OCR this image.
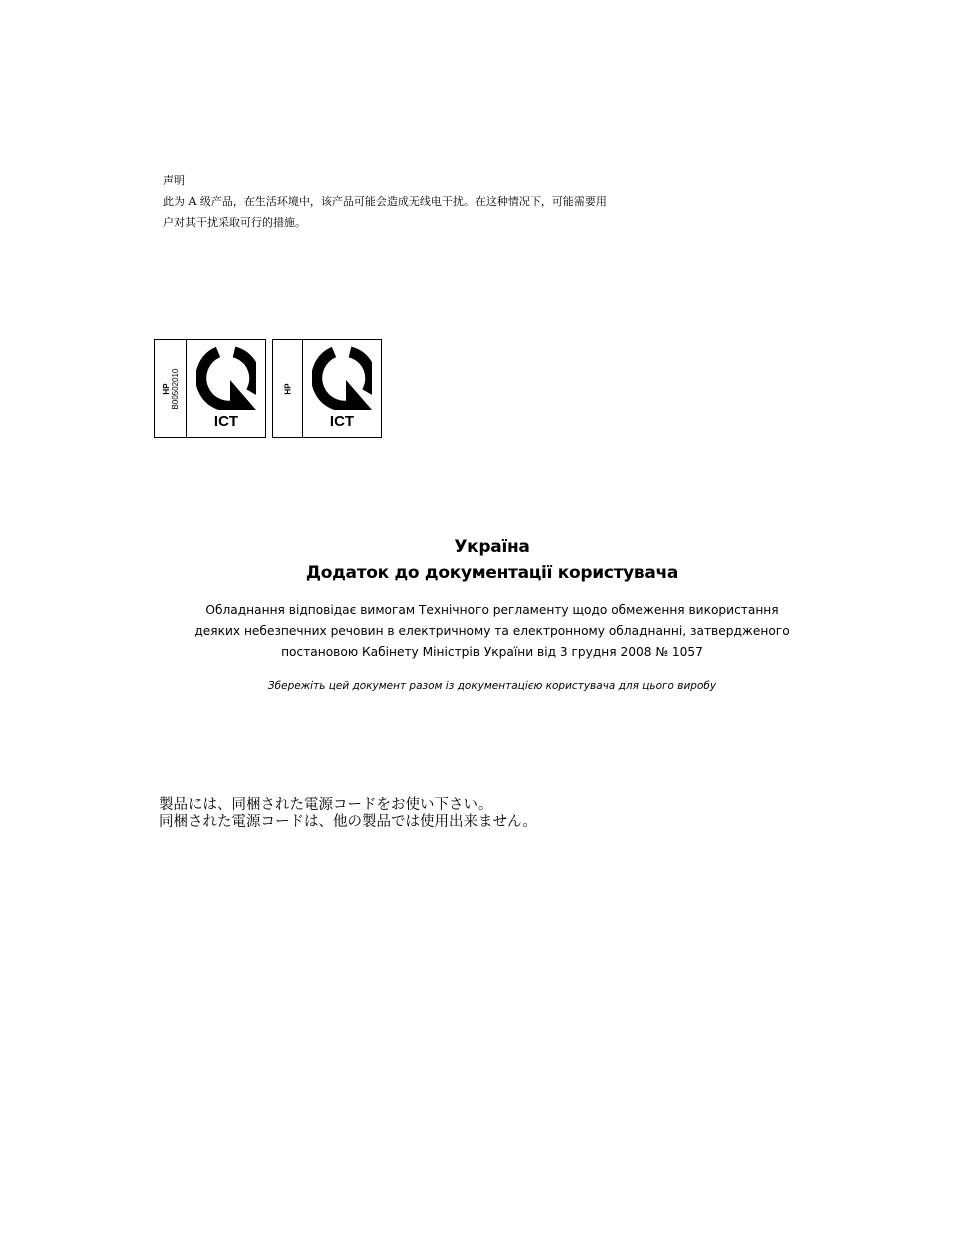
声明
此为 A 级产品，在生活环境中，该产品可能会造成无线电干扰。在这种情况下，可能需要用
户对其干扰采取可行的措施。
HP B00502010
ICT
HP
ICT
Україна
Додаток до документації користувача
Обладнання відповідає вимогам Технічного регламенту щодо обмеження використання
деяких небезпечних речовин в електричному та електронному обладнанні, затвердженого
постановою Кабінету Міністрів України від 3 грудня 2008 № 1057
Збережіть цей документ разом із документацією користувача для цього виробу
製品には、同梱された電源コードをお使い下さい。
同梱された電源コードは、他の製品では使用出来ません。
